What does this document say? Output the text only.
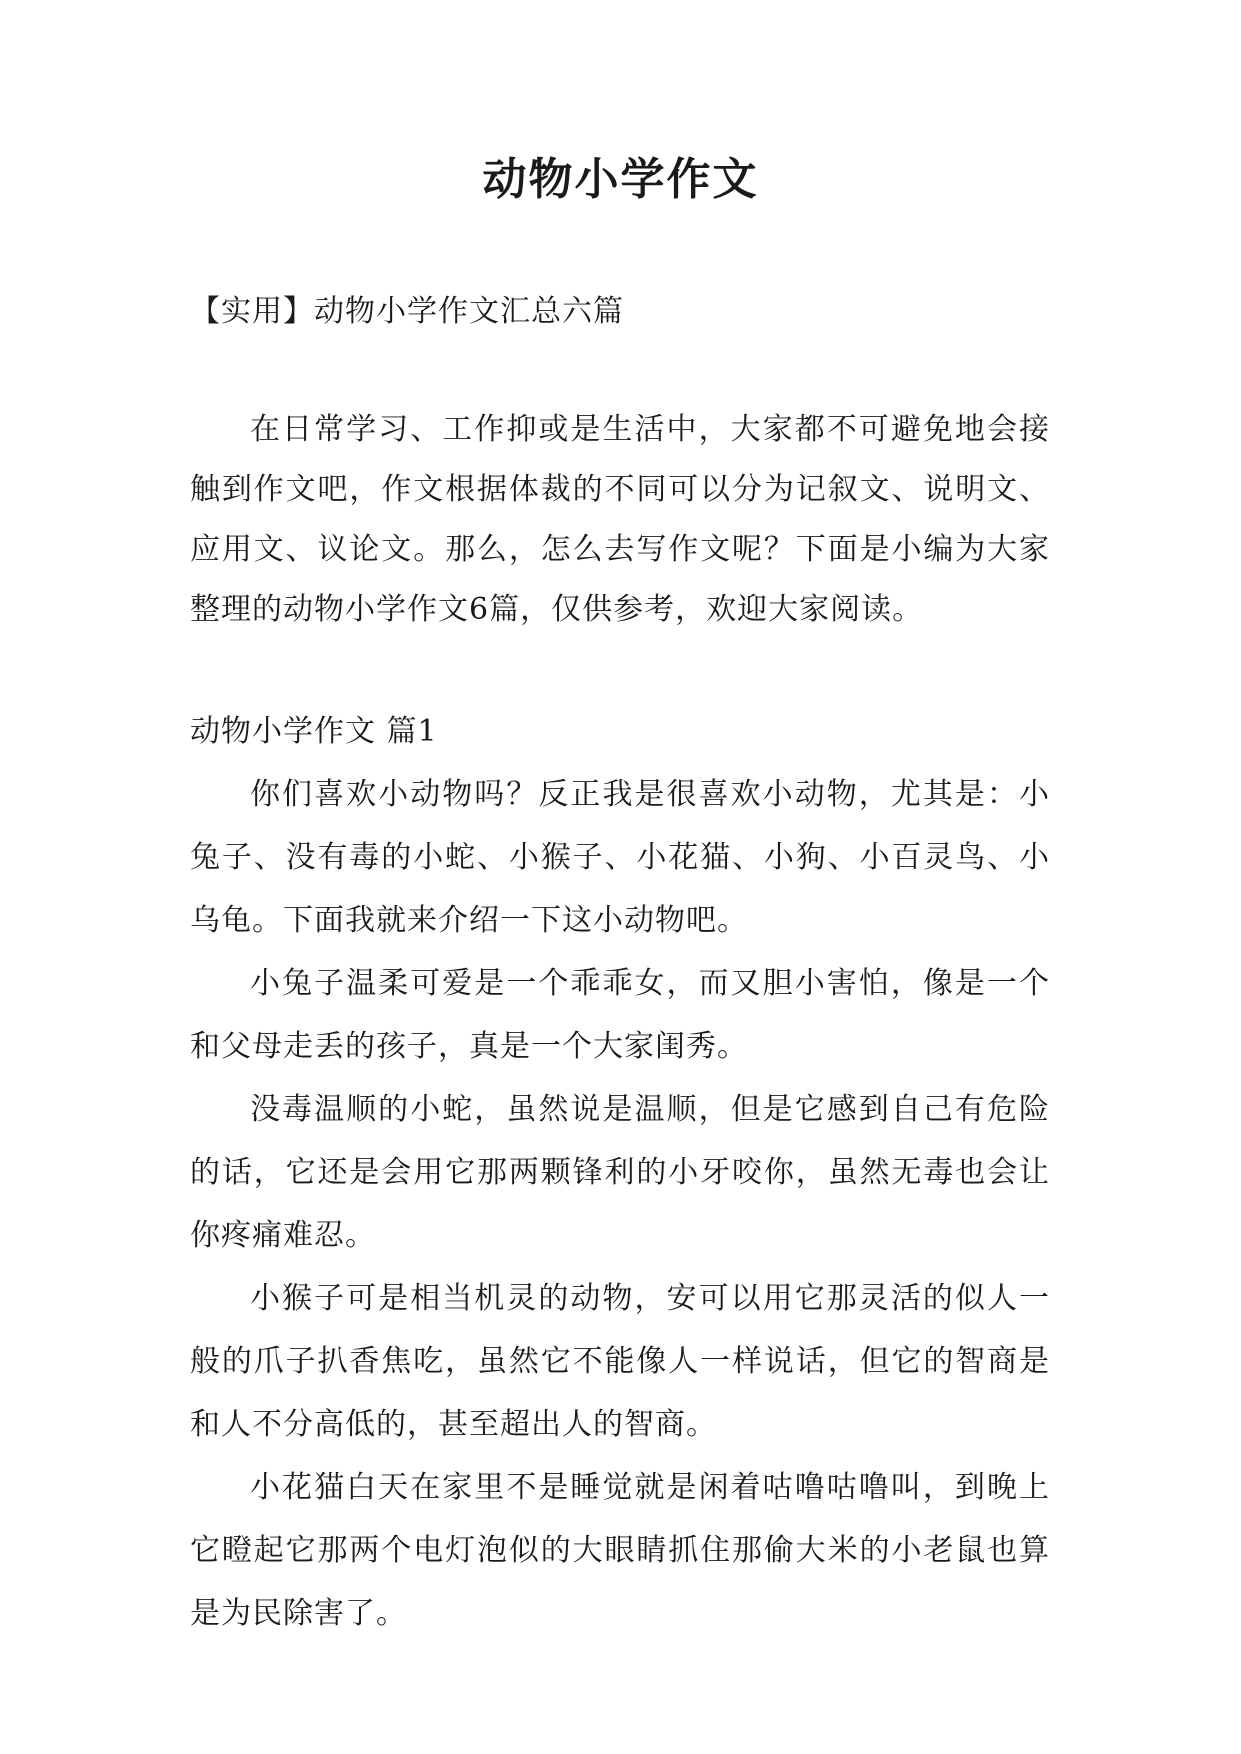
动物小学作文
【实用】动物小学作文汇总六篇

在日常学习、工作抑或是生活中，大家都不可避免地会接触到作文吧，作文根据体裁的不同可以分为记叙文、说明文、应用文、议论文。那么，怎么去写作文呢？下面是小编为大家整理的动物小学作文6篇，仅供参考，欢迎大家阅读。

动物小学作文 篇1

你们喜欢小动物吗？反正我是很喜欢小动物，尤其是：小兔子、没有毒的小蛇、小猴子、小花猫、小狗、小百灵鸟、小乌龟。下面我就来介绍一下这小动物吧。

小兔子温柔可爱是一个乖乖女，而又胆小害怕，像是一个和父母走丢的孩子，真是一个大家闺秀。

没毒温顺的小蛇，虽然说是温顺，但是它感到自己有危险的话，它还是会用它那两颗锋利的小牙咬你，虽然无毒也会让你疼痛难忍。

小猴子可是相当机灵的动物，安可以用它那灵活的似人一般的爪子扒香焦吃，虽然它不能像人一样说话，但它的智商是和人不分高低的，甚至超出人的智商。

小花猫白天在家里不是睡觉就是闲着咕噜咕噜叫，到晚上它瞪起它那两个电灯泡似的大眼睛抓住那偷大米的小老鼠也算是为民除害了。
